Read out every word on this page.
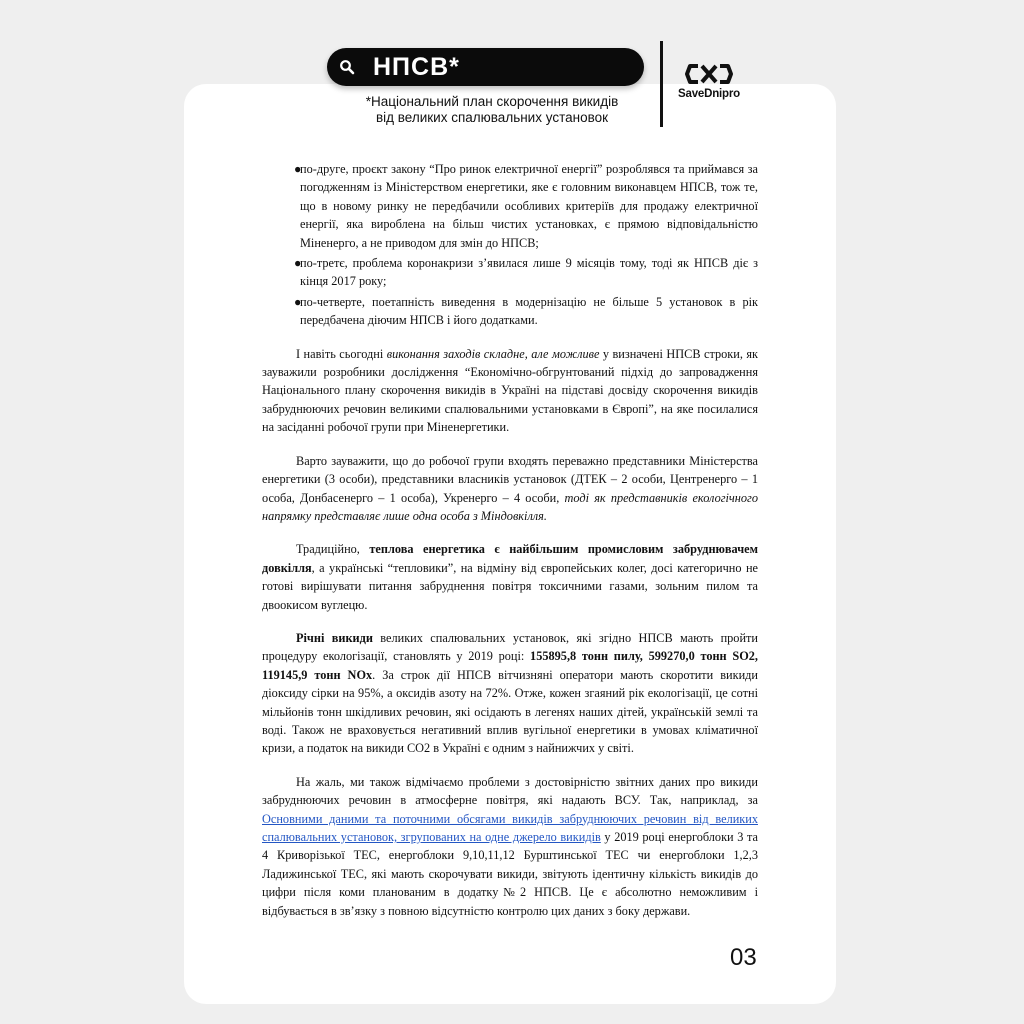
НПСВ*
*Національний план скорочення викидів
від великих спалювальних установок
SaveDnipro
●
по-друге, проєкт закону “Про ринок електричної енергії” розроблявся та приймався за погодженням із Міністерством енергетики, яке є головним виконавцем НПСВ, тож те, що в новому ринку не передбачили особливих критеріїв для продажу електричної енергії, яка вироблена на більш чистих установках, є прямою відповідальністю Міненерго, а не приводом для змін до НПСВ;
●
по-третє, проблема коронакризи з’явилася лише 9 місяців тому, тоді як НПСВ діє з кінця 2017 року;
●
по-четверте, поетапність виведення в модернізацію не більше 5 установок в рік передбачена діючим НПСВ і його додатками.

І навіть сьогодні виконання заходів складне, але можливе у визначені НПСВ строки, як зауважили розробники дослідження “Економічно-обгрунтований підхід до запровадження Національного плану скорочення викидів в Україні на підставі досвіду скорочення викидів забруднюючих речовин великими спалювальними установками в Європі”, на яке посилалися на засіданні робочої групи при Міненергетики.

Варто зауважити, що до робочої групи входять переважно представники Міністерства енергетики (3 особи), представники власників установок (ДТЕК – 2 особи, Центренерго – 1 особа, Донбасенерго – 1 особа), Укренерго – 4 особи, тоді як представників екологічного напрямку представляє лише одна особа з Міндовкілля.

Традиційно, теплова енергетика є найбільшим промисловим забруднювачем довкілля, а українські “тепловики”, на відміну від європейських колег, досі категорично не готові вирішувати питання забруднення повітря токсичними газами, зольним пилом та двоокисом вуглецю.

Річні викиди великих спалювальних установок, які згідно НПСВ мають пройти процедуру екологізації, становлять у 2019 році: 155895,8 тонн пилу, 599270,0 тонн SO2, 119145,9 тонн NOx. За строк дії НПСВ вітчизняні оператори мають скоротити викиди діоксиду сірки на 95%, а оксидів азоту на 72%. Отже, кожен згаяний рік екологізації, це сотні мільйонів тонн шкідливих речовин, які осідають в легенях наших дітей, українській землі та воді. Також не враховується негативний вплив вугільної енергетики в умовах кліматичної кризи, а податок на викиди CO2 в Україні є одним з найнижчих у світі.

На жаль, ми також відмічаємо проблеми з достовірністю звітних даних про викиди забруднюючих речовин в атмосферне повітря, які надають ВСУ. Так, наприклад, за Основними даними та поточними обсягами викидів забруднюючих речовин від великих спалювальних установок, згрупованих на одне джерело викидів у 2019 році енергоблоки 3 та 4 Криворізької ТЕС, енергоблоки 9,10,11,12 Бурштинської ТЕС чи енергоблоки 1,2,3 Ладижинської ТЕС, які мають скорочувати викиди, звітують ідентичну кількість викидів до цифри після коми планованим в додатку№2 НПСВ. Це є абсолютно неможливим і відбувається в зв’язку з повною відсутністю контролю цих даних з боку держави.

03
